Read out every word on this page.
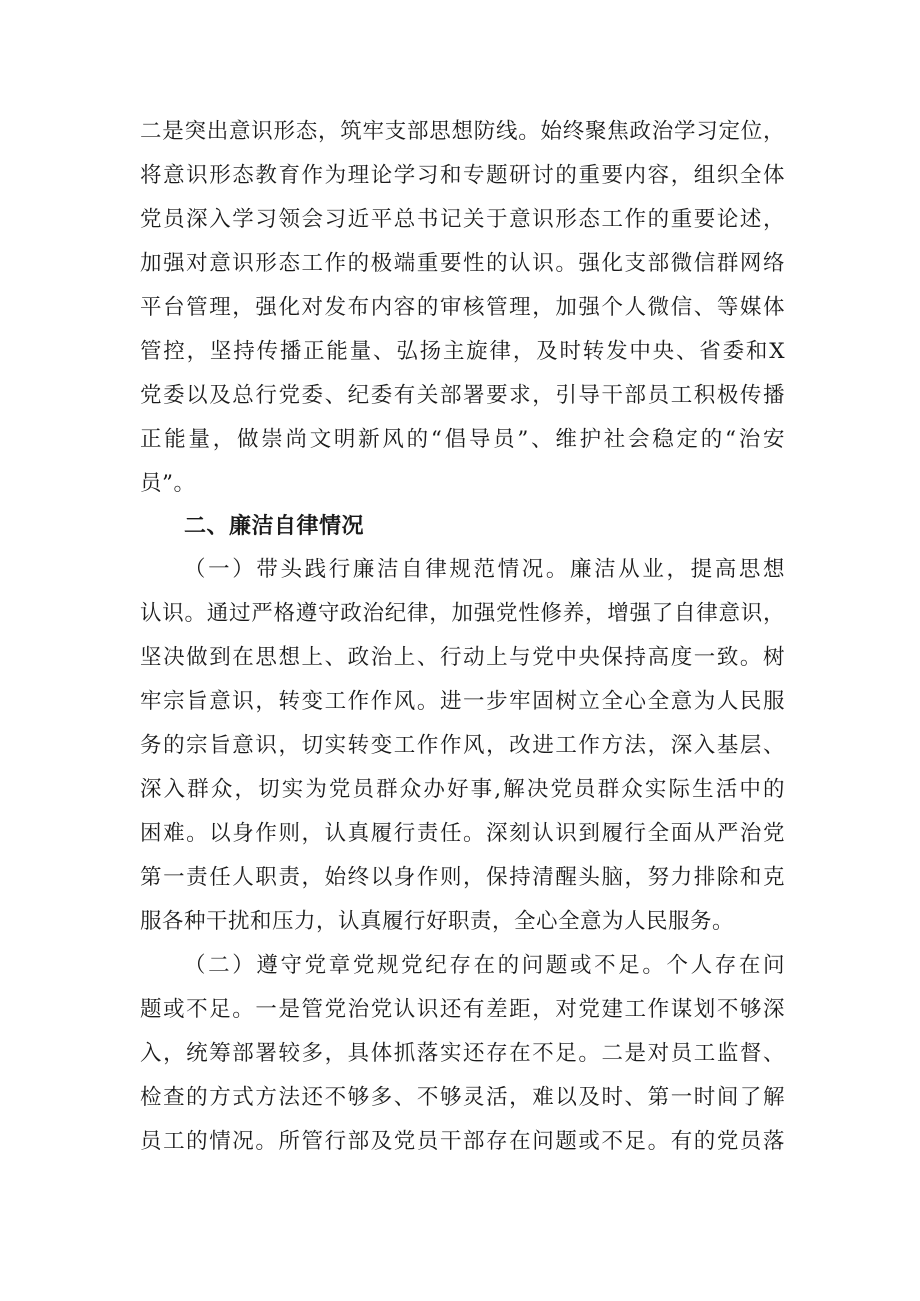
二是突出意识形态，筑牢支部思想防线。始终聚焦政治学习定位，
将意识形态教育作为理论学习和专题研讨的重要内容，组织全体
党员深入学习领会习近平总书记关于意识形态工作的重要论述，
加强对意识形态工作的极端重要性的认识。强化支部微信群网络
平台管理，强化对发布内容的审核管理，加强个人微信、等媒体
管控，坚持传播正能量、弘扬主旋律，及时转发中央、省委和X
党委以及总行党委、纪委有关部署要求，引导干部员工积极传播
正能量，做崇尚文明新风的“倡导员”、维护社会稳定的“治安
员”。
二、廉洁自律情况
（一）带头践行廉洁自律规范情况。廉洁从业，提高思想
认识。通过严格遵守政治纪律，加强党性修养，增强了自律意识，
坚决做到在思想上、政治上、行动上与党中央保持高度一致。树
牢宗旨意识，转变工作作风。进一步牢固树立全心全意为人民服
务的宗旨意识，切实转变工作作风，改进工作方法，深入基层、
深入群众，切实为党员群众办好事,解决党员群众实际生活中的
困难。以身作则，认真履行责任。深刻认识到履行全面从严治党
第一责任人职责，始终以身作则，保持清醒头脑，努力排除和克
服各种干扰和压力，认真履行好职责，全心全意为人民服务。
（二）遵守党章党规党纪存在的问题或不足。个人存在问
题或不足。一是管党治党认识还有差距，对党建工作谋划不够深
入，统筹部署较多，具体抓落实还存在不足。二是对员工监督、
检查的方式方法还不够多、不够灵活，难以及时、第一时间了解
员工的情况。所管行部及党员干部存在问题或不足。有的党员落
